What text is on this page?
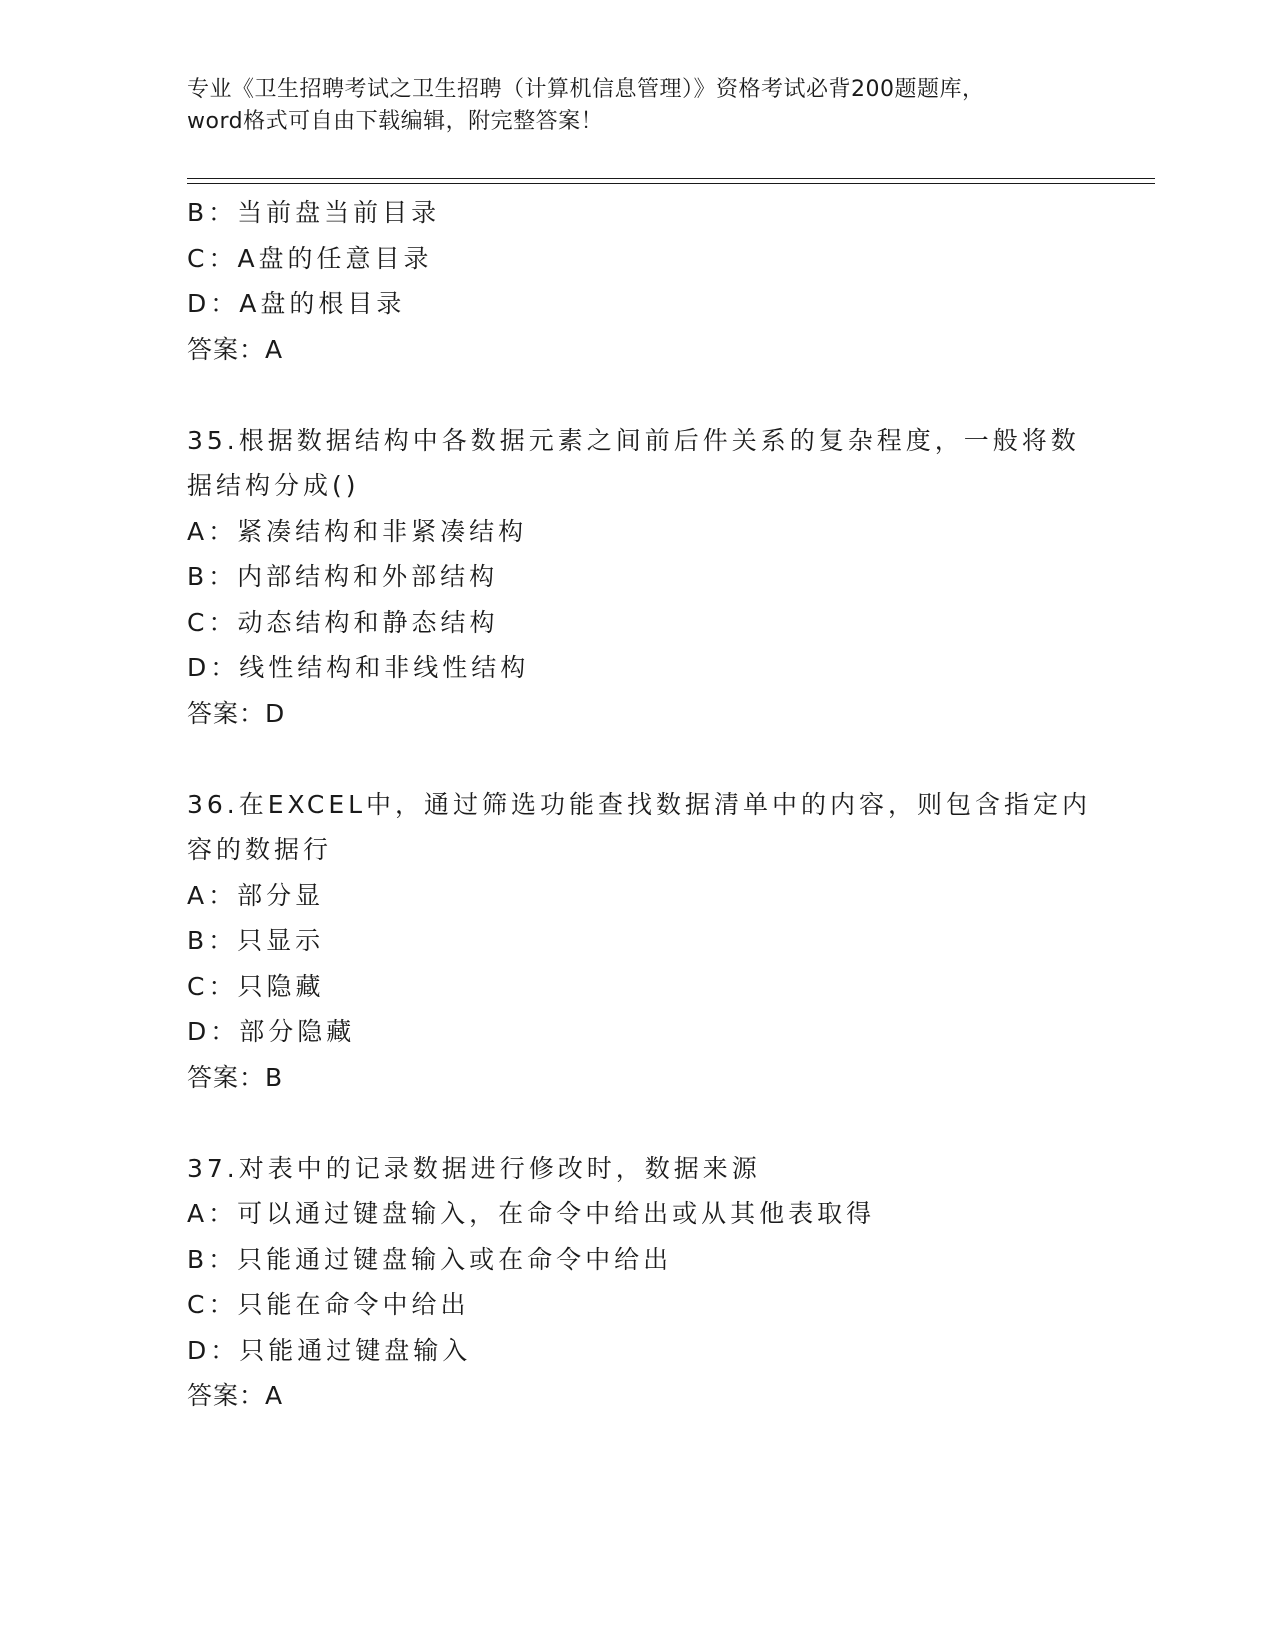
专业《卫生招聘考试之卫生招聘（计算机信息管理）》资格考试必背200题题库，
word格式可自由下载编辑，附完整答案！
B：当前盘当前目录
C：A盘的任意目录
D：A盘的根目录
答案：A
35.根据数据结构中各数据元素之间前后件关系的复杂程度，一般将数
据结构分成()
A：紧凑结构和非紧凑结构
B：内部结构和外部结构
C：动态结构和静态结构
D：线性结构和非线性结构
答案：D
36.在EXCEL中，通过筛选功能查找数据清单中的内容，则包含指定内
容的数据行
A：部分显
B：只显示
C：只隐藏
D：部分隐藏
答案：B
37.对表中的记录数据进行修改时，数据来源
A：可以通过键盘输入，在命令中给出或从其他表取得
B：只能通过键盘输入或在命令中给出
C：只能在命令中给出
D：只能通过键盘输入
答案：A
